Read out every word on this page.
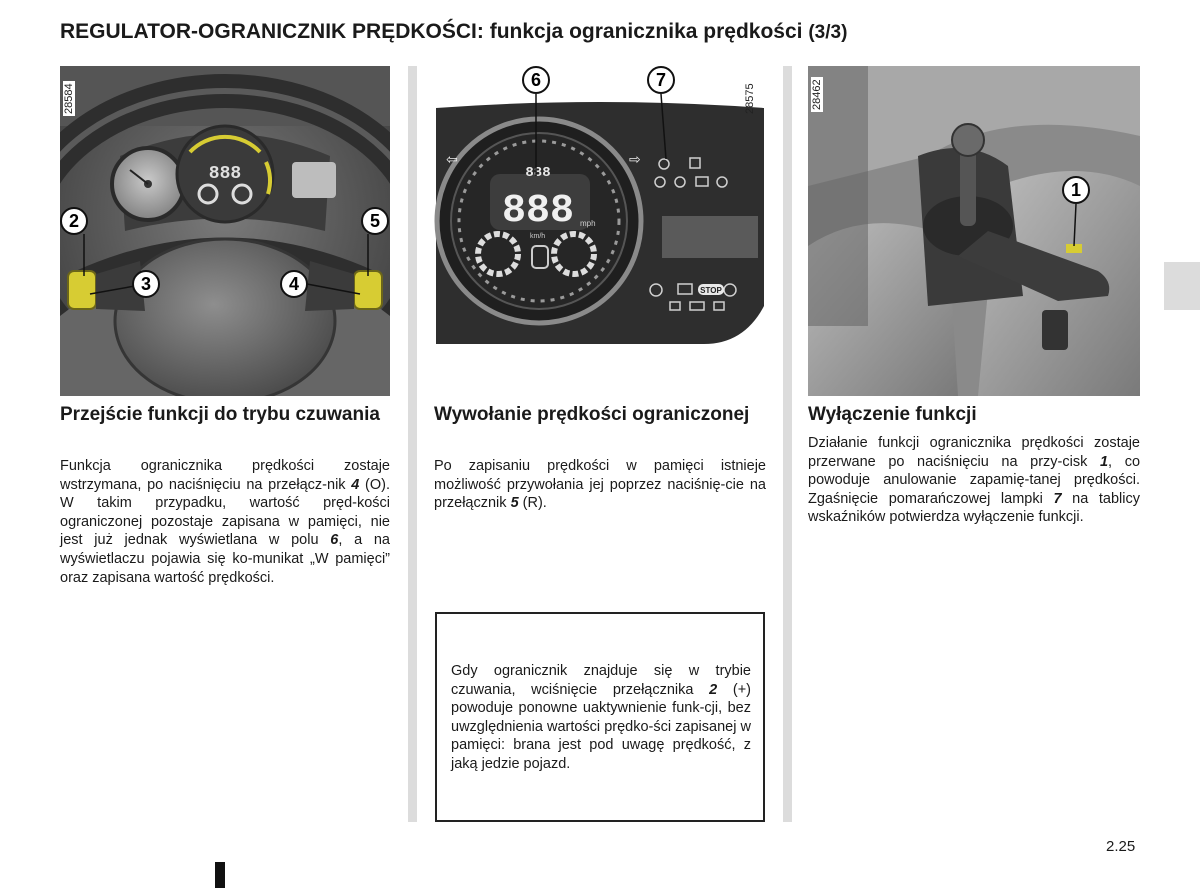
REGULATOR-OGRANICZNIK PRĘDKOŚCI: funkcja ogranicznika prędkości (3/3)
888
2
3	4
5
28584
888
888
mph
km/h
⇦	⇨
STOP
6	7
28575
1
28462
Przejście funkcji do trybu czuwania

Funkcja ogranicznika prędkości zostaje wstrzymana, po naciśnięciu na przełącz-nik 4 (O). W takim przypadku, wartość pręd-kości ograniczonej pozostaje zapisana w pamięci, nie jest już jednak wyświetlana w polu 6, a na wyświetlaczu pojawia się ko-munikat „W pamięci” oraz zapisana wartość prędkości.

Wywołanie prędkości ograniczonej

Po zapisaniu prędkości w pamięci istnieje możliwość przywołania jej poprzez naciśnię-cie na przełącznik 5 (R).

Wyłączenie funkcji

Działanie funkcji ogranicznika prędkości zostaje przerwane po naciśnięciu na przy-cisk 1, co powoduje anulowanie zapamię-tanej prędkości. Zgaśnięcie pomarańczowej lampki 7 na tablicy wskaźników potwierdza wyłączenie funkcji.

Gdy ogranicznik znajduje się w trybie czuwania, wciśnięcie przełącznika 2 (+) powoduje ponowne uaktywnienie funk-cji, bez uwzględnienia wartości prędko-ści zapisanej w pamięci: brana jest pod uwagę prędkość, z jaką jedzie pojazd.

2.25
